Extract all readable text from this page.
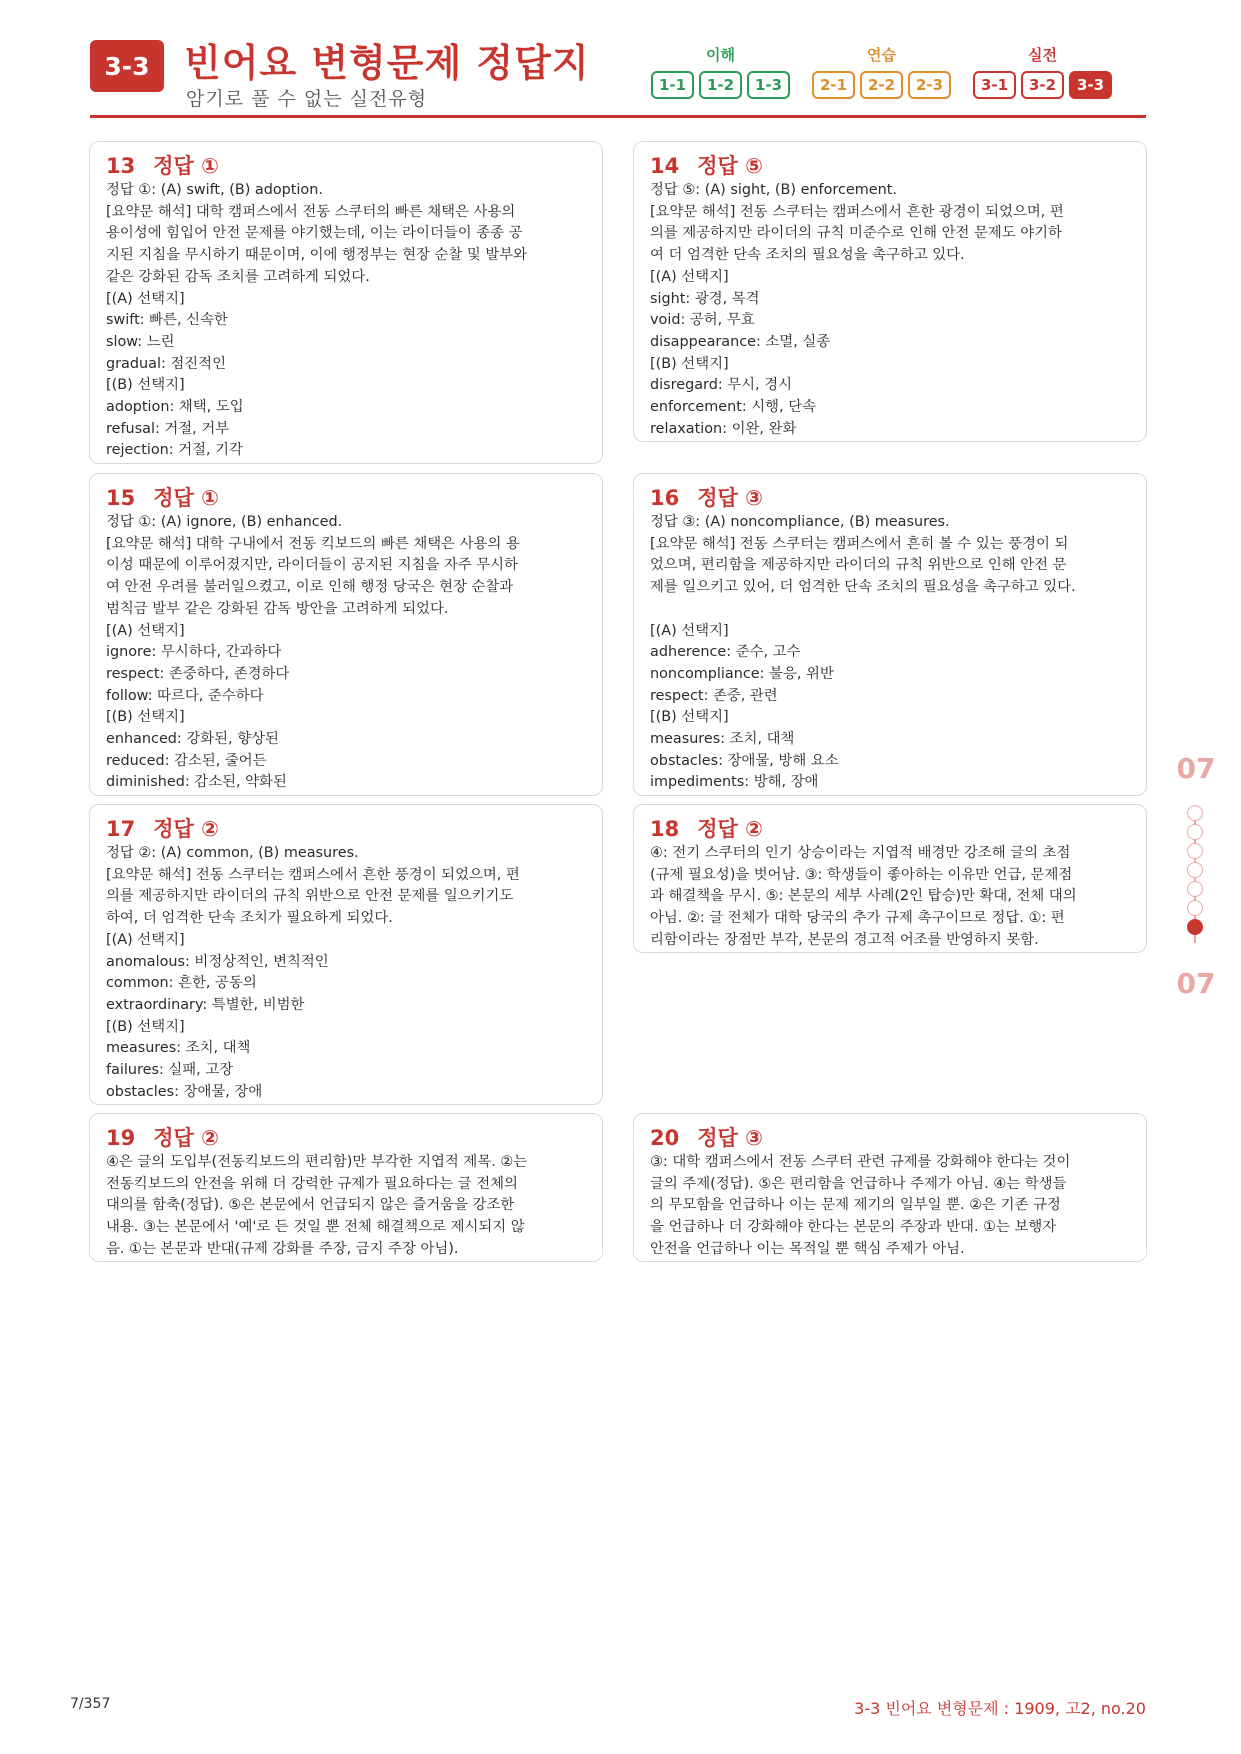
3-3 빈어요 변형문제 정답지
암기로 풀 수 없는 실전유형
이해
1-1	1-2	1-3
연습
2-1	2-2	2-3
실전
3-1	3-2	3-3
13 정답 ①
정답 ①: (A) swift, (B) adoption.
[요약문 해석] 대학 캠퍼스에서 전동 스쿠터의 빠른 채택은 사용의
용이성에 힘입어 안전 문제를 야기했는데, 이는 라이더들이 종종 공
지된 지침을 무시하기 때문이며, 이에 행정부는 현장 순찰 및 발부와
같은 강화된 감독 조치를 고려하게 되었다.
[(A) 선택지]
swift: 빠른, 신속한
slow: 느린
gradual: 점진적인
[(B) 선택지]
adoption: 채택, 도입
refusal: 거절, 거부
rejection: 거절, 기각
14 정답 ⑤
정답 ⑤: (A) sight, (B) enforcement.
[요약문 해석] 전동 스쿠터는 캠퍼스에서 흔한 광경이 되었으며, 편
의를 제공하지만 라이더의 규칙 미준수로 인해 안전 문제도 야기하
여 더 엄격한 단속 조치의 필요성을 촉구하고 있다.
[(A) 선택지]
sight: 광경, 목격
void: 공허, 무효
disappearance: 소멸, 실종
[(B) 선택지]
disregard: 무시, 경시
enforcement: 시행, 단속
relaxation: 이완, 완화
15 정답 ①
정답 ①: (A) ignore, (B) enhanced.
[요약문 해석] 대학 구내에서 전동 킥보드의 빠른 채택은 사용의 용
이성 때문에 이루어졌지만, 라이더들이 공지된 지침을 자주 무시하
여 안전 우려를 불러일으켰고, 이로 인해 행정 당국은 현장 순찰과
범칙금 발부 같은 강화된 감독 방안을 고려하게 되었다.
[(A) 선택지]
ignore: 무시하다, 간과하다
respect: 존중하다, 존경하다
follow: 따르다, 준수하다
[(B) 선택지]
enhanced: 강화된, 향상된
reduced: 감소된, 줄어든
diminished: 감소된, 약화된
16 정답 ③
정답 ③: (A) noncompliance, (B) measures.
[요약문 해석] 전동 스쿠터는 캠퍼스에서 흔히 볼 수 있는 풍경이 되
었으며, 편리함을 제공하지만 라이더의 규칙 위반으로 인해 안전 문
제를 일으키고 있어, 더 엄격한 단속 조치의 필요성을 촉구하고 있다.

[(A) 선택지]
adherence: 준수, 고수
noncompliance: 불응, 위반
respect: 존중, 관련
[(B) 선택지]
measures: 조치, 대책
obstacles: 장애물, 방해 요소
impediments: 방해, 장애
17 정답 ②
정답 ②: (A) common, (B) measures.
[요약문 해석] 전동 스쿠터는 캠퍼스에서 흔한 풍경이 되었으며, 편
의를 제공하지만 라이더의 규칙 위반으로 안전 문제를 일으키기도
하여, 더 엄격한 단속 조치가 필요하게 되었다.
[(A) 선택지]
anomalous: 비정상적인, 변칙적인
common: 흔한, 공동의
extraordinary: 특별한, 비범한
[(B) 선택지]
measures: 조치, 대책
failures: 실패, 고장
obstacles: 장애물, 장애
18 정답 ②
④: 전기 스쿠터의 인기 상승이라는 지엽적 배경만 강조해 글의 초점
(규제 필요성)을 벗어남. ③: 학생들이 좋아하는 이유만 언급, 문제점
과 해결책을 무시. ⑤: 본문의 세부 사례(2인 탑승)만 확대, 전체 대의
아님. ②: 글 전체가 대학 당국의 추가 규제 촉구이므로 정답. ①: 편
리함이라는 장점만 부각, 본문의 경고적 어조를 반영하지 못함.
19 정답 ②
④은 글의 도입부(전동킥보드의 편리함)만 부각한 지엽적 제목. ②는
전동킥보드의 안전을 위해 더 강력한 규제가 필요하다는 글 전체의
대의를 함축(정답). ⑤은 본문에서 언급되지 않은 즐거움을 강조한
내용. ③는 본문에서 '예'로 든 것일 뿐 전체 해결책으로 제시되지 않
음. ①는 본문과 반대(규제 강화를 주장, 금지 주장 아님).
20 정답 ③
③: 대학 캠퍼스에서 전동 스쿠터 관련 규제를 강화해야 한다는 것이
글의 주제(정답). ⑤은 편리함을 언급하나 주제가 아님. ④는 학생들
의 무모함을 언급하나 이는 문제 제기의 일부일 뿐. ②은 기존 규정
을 언급하나 더 강화해야 한다는 본문의 주장과 반대. ①는 보행자
안전을 언급하나 이는 목적일 뿐 핵심 주제가 아님.
07
07
7/357	3-3 빈어요 변형문제 : 1909, 고2, no.20
